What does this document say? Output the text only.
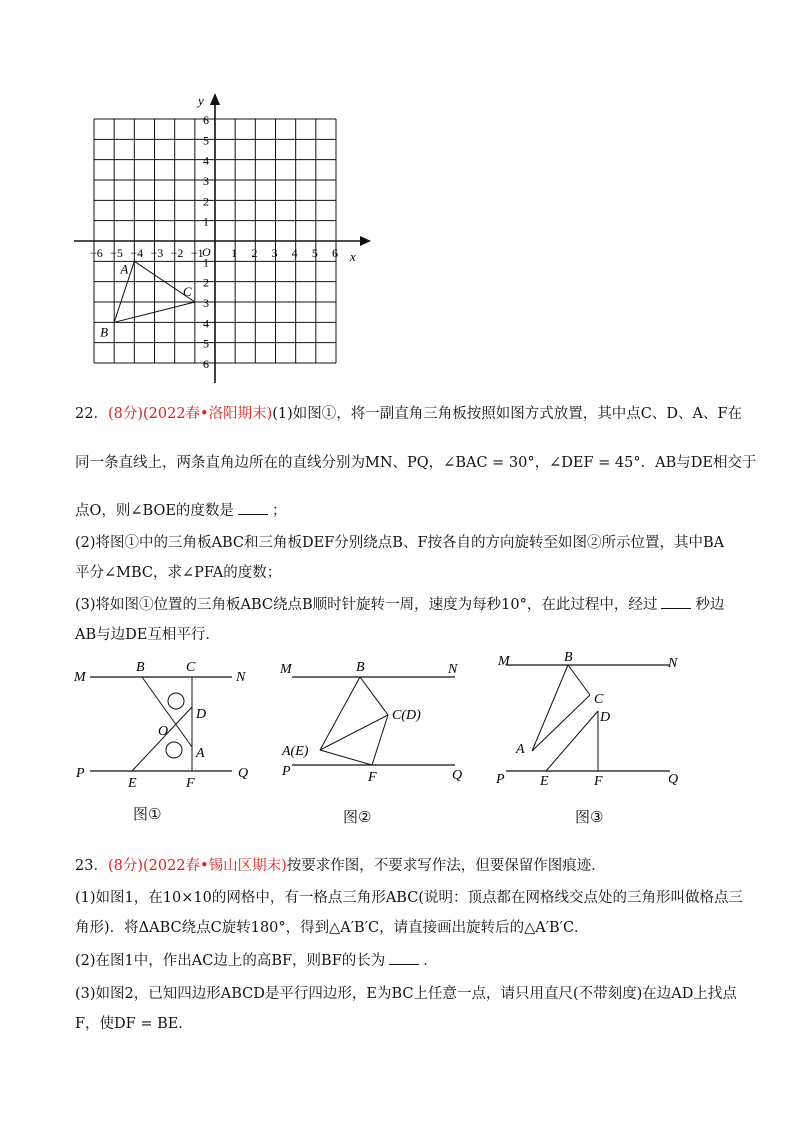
x
y
O
−6 −5 −4 −3 −2 −1 1 2 3 4 5 6
6
5
4
3
2
1
1
2
3
4
5
6
A
B
C
22．(8分)(2022春•洛阳期末)(1)如图①，将一副直角三角板按照如图方式放置，其中点C、D、A、F在
同一条直线上，两条直角边所在的直线分别为MN、PQ，∠BAC = 30°，∠DEF = 45°．AB与DE相交于
点O，则∠BOE的度数是	；
(2)将图①中的三角板ABC和三角板DEF分别绕点B、F按各自的方向旋转至如图②所示位置，其中BA
平分∠MBC，求∠PFA的度数；
(3)将如图①位置的三角板ABC绕点B顺时针旋转一周，速度为每秒10°，在此过程中，经过	秒边
AB与边DE互相平行．
M	N
B	C
D
O
A
P	Q
E	F
图①
M	N
B
C(D)
A(E)
P	Q
F
图②
M	N
B
C
D
A
P	Q
E	F
图③
23．(8分)(2022春•锡山区期末)按要求作图，不要求写作法，但要保留作图痕迹．
(1)如图1，在10×10的网格中，有一格点三角形ABC(说明：顶点都在网格线交点处的三角形叫做格点三
角形)．将ΔABC绕点C旋转180°，得到△A′B′C，请直接画出旋转后的△A′B′C．
(2)在图1中，作出AC边上的高BF，则BF的长为	．
(3)如图2，已知四边形ABCD是平行四边形，E为BC上任意一点，请只用直尺(不带刻度)在边AD上找点
F，使DF = BE．
